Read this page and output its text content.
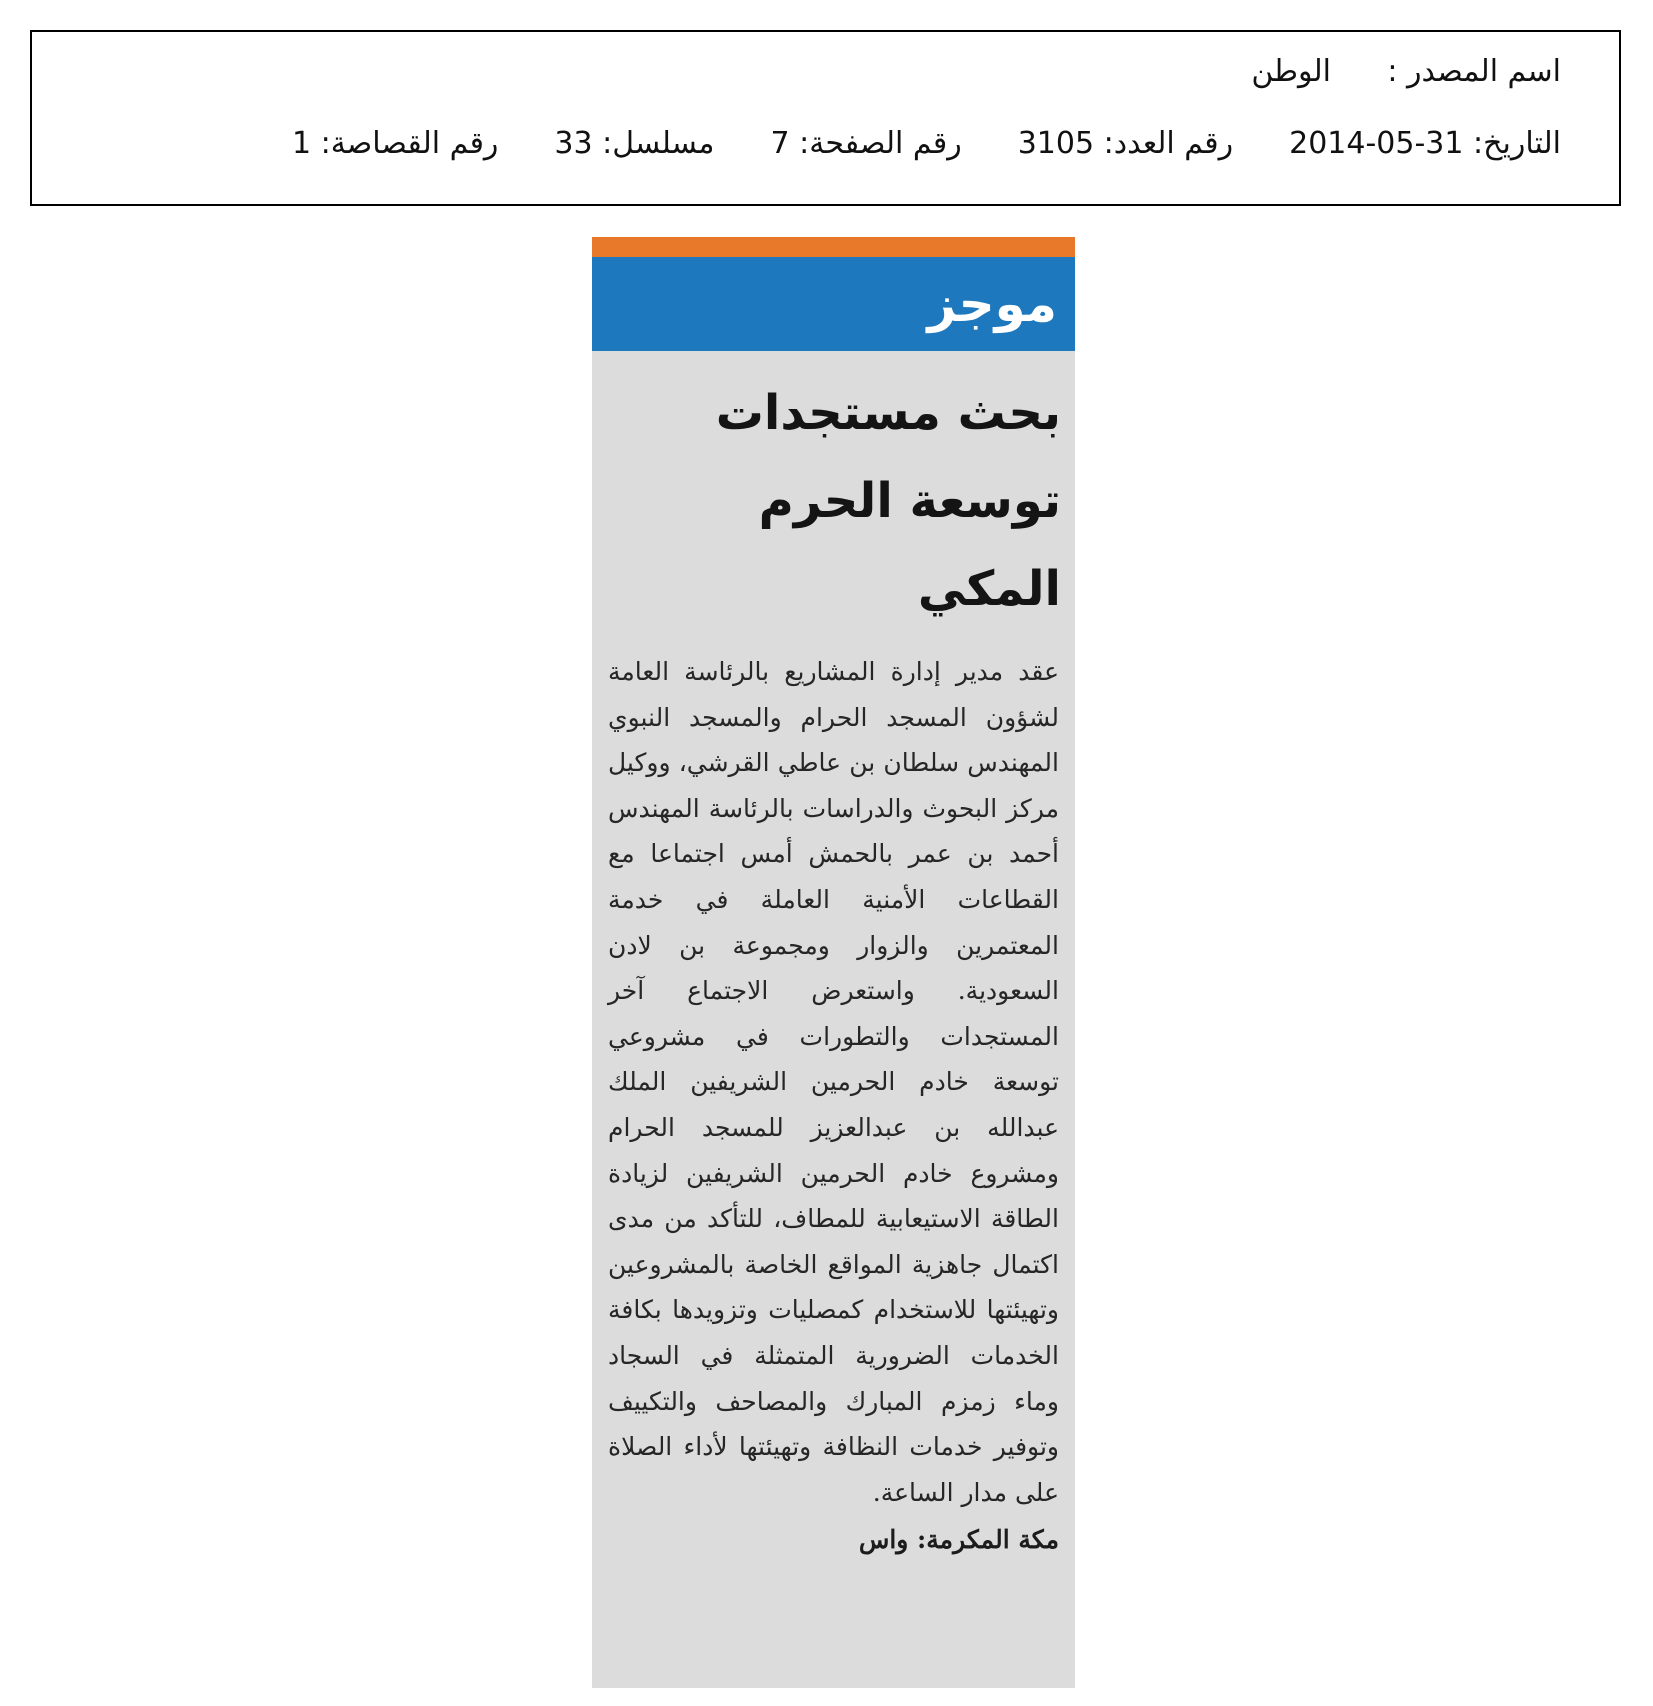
اسم المصدر :
الوطن
التاريخ: 2014-05-31
رقم العدد: 3105
رقم الصفحة: 7
مسلسل: 33
رقم القصاصة: 1
موجز
بحث مستجدات
توسعة الحرم المكي
عقد مدير إدارة المشاريع بالرئاسة العامة لشؤون المسجد الحرام والمسجد النبوي المهندس سلطان بن عاطي القرشي، ووكيل مركز البحوث والدراسات بالرئاسة المهندس أحمد بن عمر بالحمش أمس اجتماعا مع القطاعات الأمنية العاملة في خدمة المعتمرين والزوار ومجموعة بن لادن السعودية. واستعرض الاجتماع آخر المستجدات والتطورات في مشروعي توسعة خادم الحرمين الشريفين الملك عبدالله بن عبدالعزيز للمسجد الحرام ومشروع خادم الحرمين الشريفين لزيادة الطاقة الاستيعابية للمطاف، للتأكد من مدى اكتمال جاهزية المواقع الخاصة بالمشروعين وتهيئتها للاستخدام كمصليات وتزويدها بكافة الخدمات الضرورية المتمثلة في السجاد وماء زمزم المبارك والمصاحف والتكييف وتوفير خدمات النظافة وتهيئتها لأداء الصلاة على مدار الساعة.
مكة المكرمة: واس
